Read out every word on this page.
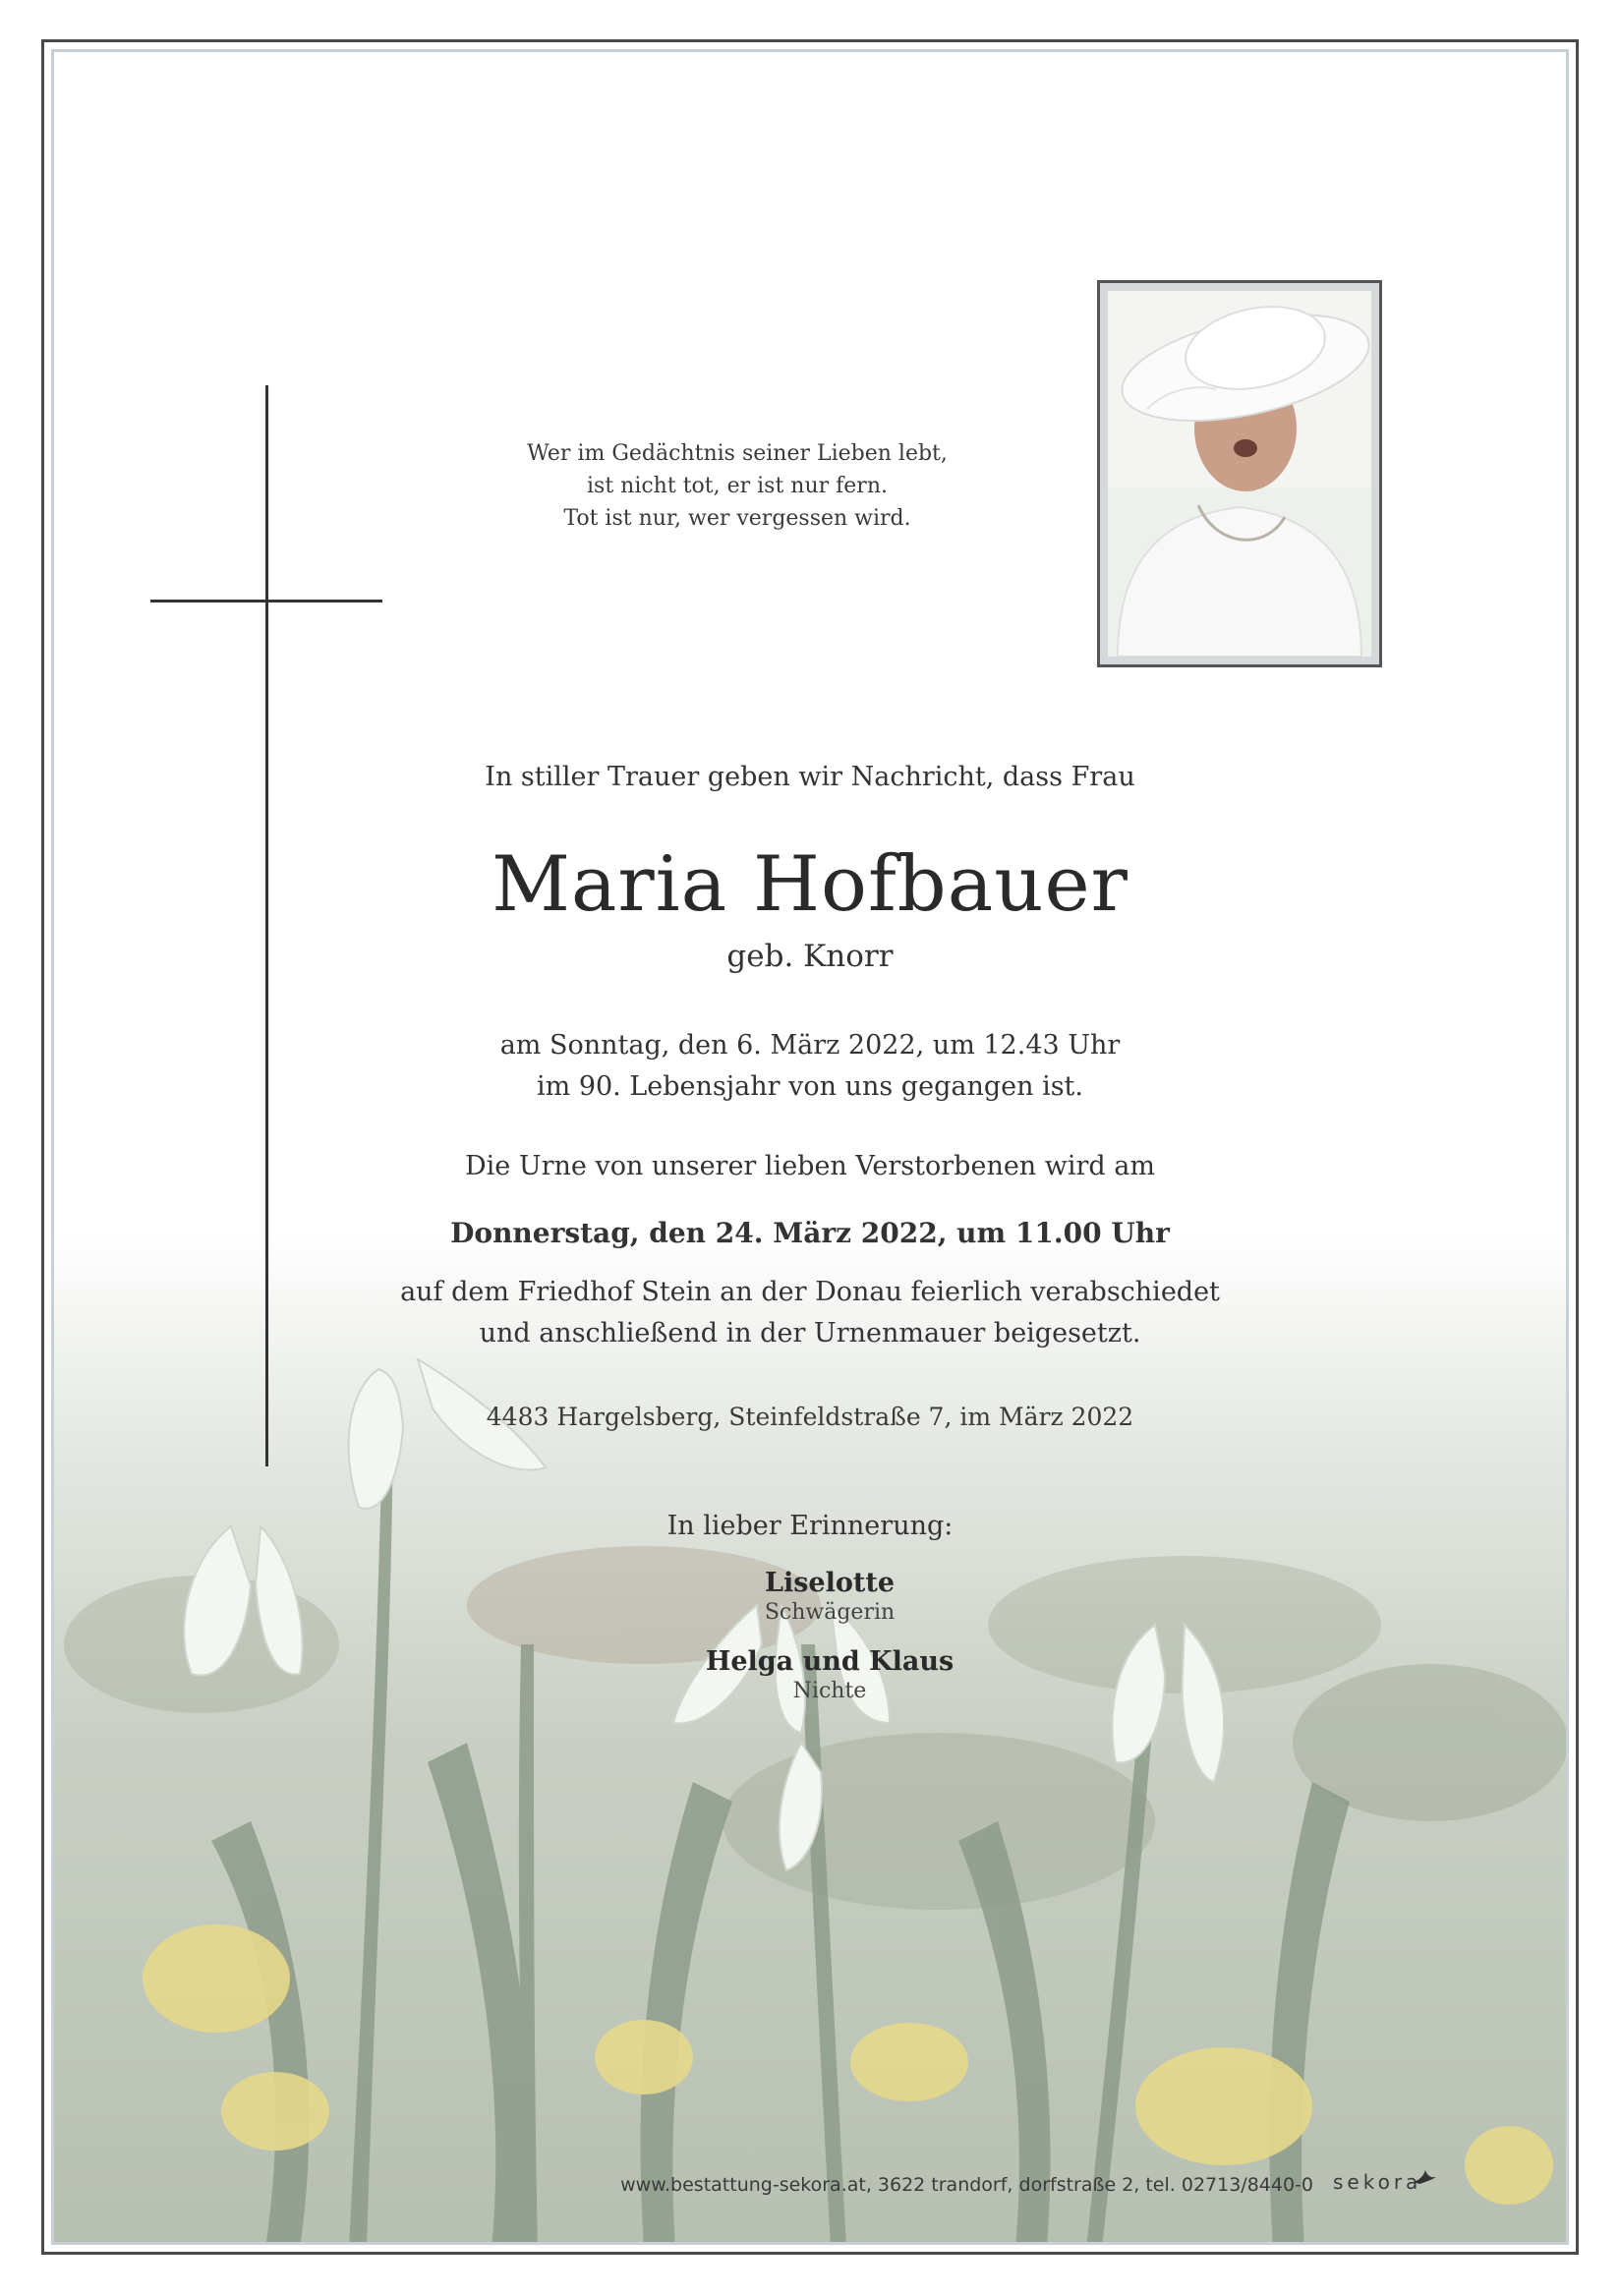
Wer im Gedächtnis seiner Lieben lebt,
ist nicht tot, er ist nur fern.
Tot ist nur, wer vergessen wird.
In stiller Trauer geben wir Nachricht, dass Frau
Maria Hofbauer
geb. Knorr
am Sonntag, den 6. März 2022, um 12.43 Uhr
im 90. Lebensjahr von uns gegangen ist.
Die Urne von unserer lieben Verstorbenen wird am
Donnerstag, den 24. März 2022, um 11.00 Uhr
auf dem Friedhof Stein an der Donau feierlich verabschiedet
und anschließend in der Urnenmauer beigesetzt.
4483 Hargelsberg, Steinfeldstraße 7, im März 2022
In lieber Erinnerung:
Liselotte
Schwägerin
Helga und Klaus
Nichte
www.bestattung-sekora.at, 3622 trandorf, dorfstraße 2, tel. 02713/8440-0 sekora
